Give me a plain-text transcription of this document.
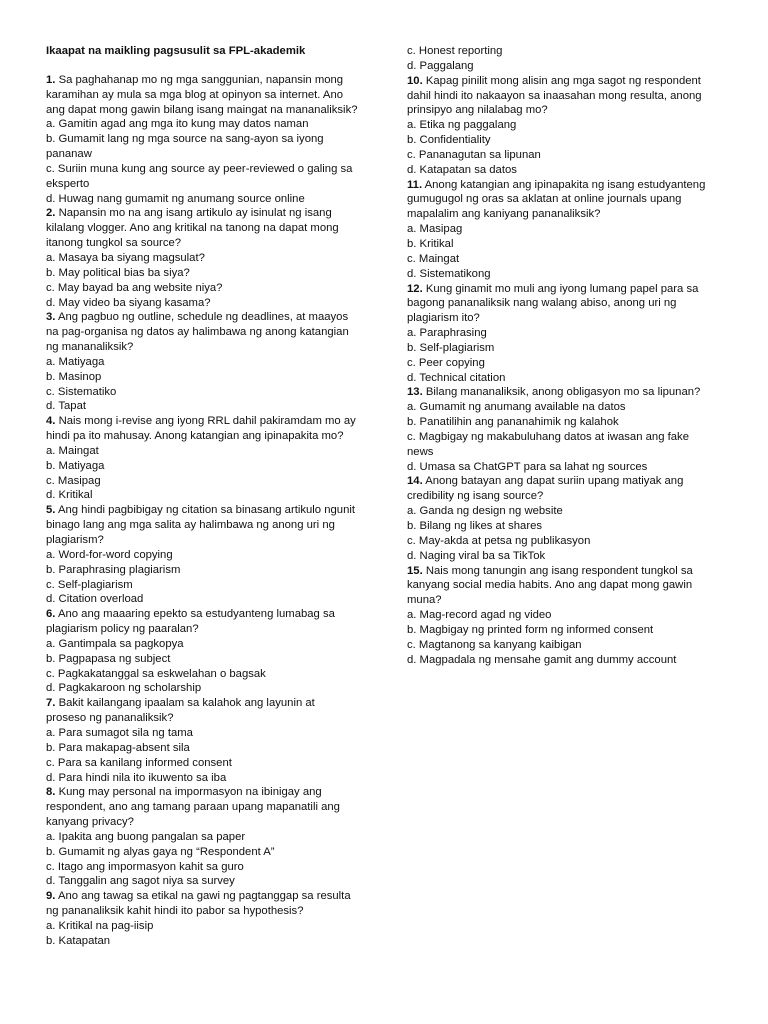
Ikaapat na maikling pagsusulit sa FPL-akademik

1. Sa paghahanap mo ng mga sanggunian, napansin mong karamihan ay mula sa mga blog at opinyon sa internet. Ano ang dapat mong gawin bilang isang maingat na mananaliksik?

a. Gamitin agad ang mga ito kung may datos naman

b. Gumamit lang ng mga source na sang-ayon sa iyong pananaw

c. Suriin muna kung ang source ay peer-reviewed o galing sa eksperto

d. Huwag nang gumamit ng anumang source online

2. Napansin mo na ang isang artikulo ay isinulat ng isang kilalang vlogger. Ano ang kritikal na tanong na dapat mong itanong tungkol sa source?

a. Masaya ba siyang magsulat?

b. May political bias ba siya?

c. May bayad ba ang website niya?

d. May video ba siyang kasama?

3. Ang pagbuo ng outline, schedule ng deadlines, at maayos na pag-organisa ng datos ay halimbawa ng anong katangian ng mananaliksik?

a. Matiyaga

b. Masinop

c. Sistematiko

d. Tapat

4. Nais mong i-revise ang iyong RRL dahil pakiramdam mo ay hindi pa ito mahusay. Anong katangian ang ipinapakita mo?

a. Maingat

b. Matiyaga

c. Masipag

d. Kritikal

5. Ang hindi pagbibigay ng citation sa binasang artikulo ngunit binago lang ang mga salita ay halimbawa ng anong uri ng plagiarism?

a. Word-for-word copying

b. Paraphrasing plagiarism

c. Self-plagiarism

d. Citation overload

6. Ano ang maaaring epekto sa estudyanteng lumabag sa plagiarism policy ng paaralan?

a. Gantimpala sa pagkopya

b. Pagpapasa ng subject

c. Pagkakatanggal sa eskwelahan o bagsak

d. Pagkakaroon ng scholarship

7. Bakit kailangang ipaalam sa kalahok ang layunin at proseso ng pananaliksik?

a. Para sumagot sila ng tama

b. Para makapag-absent sila

c. Para sa kanilang informed consent

d. Para hindi nila ito ikuwento sa iba

8. Kung may personal na impormasyon na ibinigay ang respondent, ano ang tamang paraan upang mapanatili ang kanyang privacy?

a. Ipakita ang buong pangalan sa paper

b. Gumamit ng alyas gaya ng “Respondent A”

c. Itago ang impormasyon kahit sa guro

d. Tanggalin ang sagot niya sa survey

9. Ano ang tawag sa etikal na gawi ng pagtanggap sa resulta ng pananaliksik kahit hindi ito pabor sa hypothesis?

a. Kritikal na pag-iisip

b. Katapatan

c. Honest reporting

d. Paggalang

10. Kapag pinilit mong alisin ang mga sagot ng respondent dahil hindi ito nakaayon sa inaasahan mong resulta, anong prinsipyo ang nilalabag mo?

a. Etika ng paggalang

b. Confidentiality

c. Pananagutan sa lipunan

d. Katapatan sa datos

11. Anong katangian ang ipinapakita ng isang estudyanteng gumugugol ng oras sa aklatan at online journals upang mapalalim ang kaniyang pananaliksik?

a. Masipag

b. Kritikal

c. Maingat

d. Sistematikong

12. Kung ginamit mo muli ang iyong lumang papel para sa bagong pananaliksik nang walang abiso, anong uri ng plagiarism ito?

a. Paraphrasing

b. Self-plagiarism

c. Peer copying

d. Technical citation

13. Bilang mananaliksik, anong obligasyon mo sa lipunan?

a. Gumamit ng anumang available na datos

b. Panatilihin ang pananahimik ng kalahok

c. Magbigay ng makabuluhang datos at iwasan ang fake news

d. Umasa sa ChatGPT para sa lahat ng sources

14. Anong batayan ang dapat suriin upang matiyak ang credibility ng isang source?

a. Ganda ng design ng website

b. Bilang ng likes at shares

c. May-akda at petsa ng publikasyon

d. Naging viral ba sa TikTok

15. Nais mong tanungin ang isang respondent tungkol sa kanyang social media habits. Ano ang dapat mong gawin muna?

a. Mag-record agad ng video

b. Magbigay ng printed form ng informed consent

c. Magtanong sa kanyang kaibigan

d. Magpadala ng mensahe gamit ang dummy account
